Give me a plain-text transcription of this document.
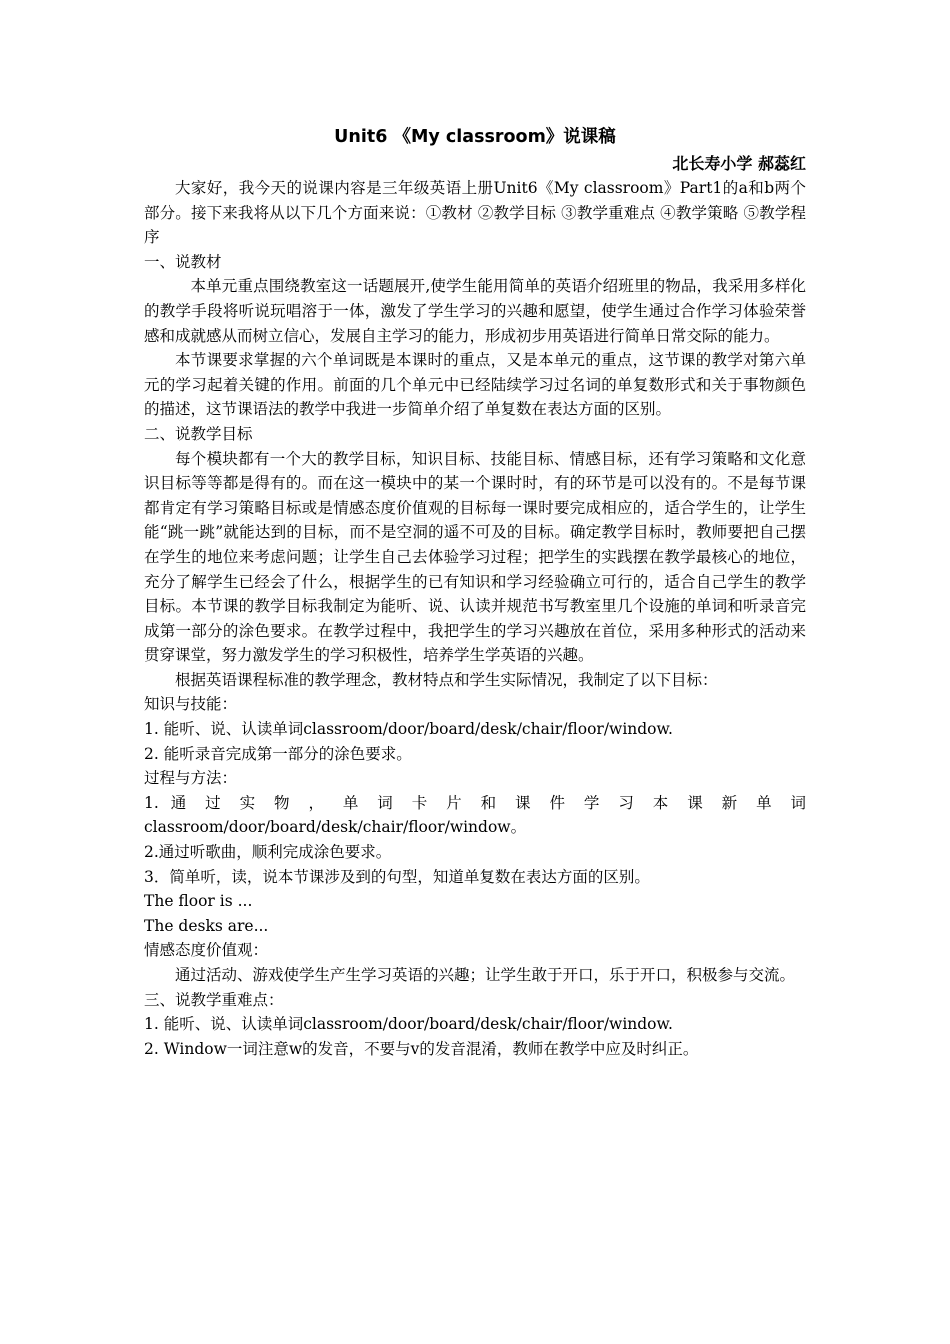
Unit6 《My classroom》说课稿
北长寿小学 郝蕊红

大家好，我今天的说课内容是三年级英语上册Unit6《My classroom》Part1的a和b两个部分。接下来我将从以下几个方面来说：①教材 ②教学目标 ③教学重难点 ④教学策略 ⑤教学程序

一、说教材

本单元重点围绕教室这一话题展开,使学生能用简单的英语介绍班里的物品，我采用多样化的教学手段将听说玩唱溶于一体，激发了学生学习的兴趣和愿望，使学生通过合作学习体验荣誉感和成就感从而树立信心，发展自主学习的能力，形成初步用英语进行简单日常交际的能力。

本节课要求掌握的六个单词既是本课时的重点，又是本单元的重点，这节课的教学对第六单元的学习起着关键的作用。前面的几个单元中已经陆续学习过名词的单复数形式和关于事物颜色的描述，这节课语法的教学中我进一步简单介绍了单复数在表达方面的区别。

二、说教学目标

每个模块都有一个大的教学目标，知识目标、技能目标、情感目标，还有学习策略和文化意识目标等等都是得有的。而在这一模块中的某一个课时时，有的环节是可以没有的。不是每节课都肯定有学习策略目标或是情感态度价值观的目标每一课时要完成相应的，适合学生的，让学生能“跳一跳”就能达到的目标，而不是空洞的遥不可及的目标。确定教学目标时，教师要把自己摆在学生的地位来考虑问题；让学生自己去体验学习过程；把学生的实践摆在教学最核心的地位，充分了解学生已经会了什么，根据学生的已有知识和学习经验确立可行的，适合自己学生的教学目标。本节课的教学目标我制定为能听、说、认读并规范书写教室里几个设施的单词和听录音完成第一部分的涂色要求。在教学过程中，我把学生的学习兴趣放在首位，采用多种形式的活动来贯穿课堂，努力激发学生的学习积极性，培养学生学英语的兴趣。

根据英语课程标准的教学理念，教材特点和学生实际情况，我制定了以下目标：

知识与技能：

1. 能听、说、认读单词classroom/door/board/desk/chair/floor/window.

2. 能听录音完成第一部分的涂色要求。

过程与方法：

1. 通 过 实 物 ， 单 词 卡 片 和 课 件 学 习 本 课 新 单 词

classroom/door/board/desk/chair/floor/window。

2.通过听歌曲，顺利完成涂色要求。

3．简单听，读，说本节课涉及到的句型，知道单复数在表达方面的区别。

The floor is ...

The desks are...

情感态度价值观：

通过活动、游戏使学生产生学习英语的兴趣；让学生敢于开口，乐于开口，积极参与交流。

三、说教学重难点：

1. 能听、说、认读单词classroom/door/board/desk/chair/floor/window.

2. Window一词注意w的发音，不要与v的发音混淆，教师在教学中应及时纠正。
